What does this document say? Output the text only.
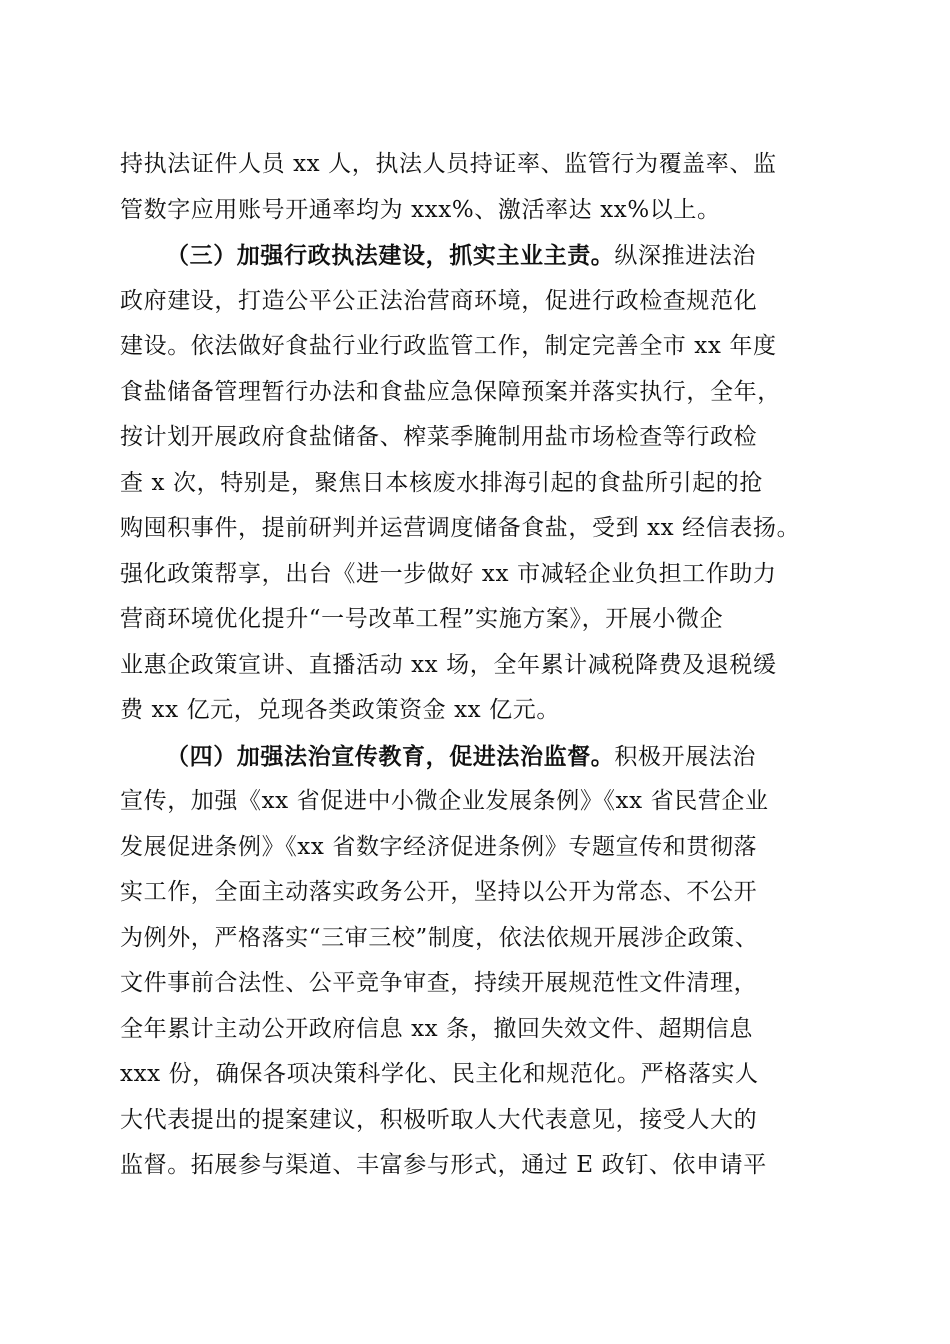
持执法证件人员 xx 人，执法人员持证率、监管行为覆盖率、监
管数字应用账号开通率均为 xxx%、激活率达 xx%以上。
（三）加强行政执法建设，抓实主业主责。纵深推进法治
政府建设，打造公平公正法治营商环境，促进行政检查规范化
建设。依法做好食盐行业行政监管工作，制定完善全市 xx 年度
食盐储备管理暂行办法和食盐应急保障预案并落实执行，全年，
按计划开展政府食盐储备、榨菜季腌制用盐市场检查等行政检
查 x 次，特别是，聚焦日本核废水排海引起的食盐所引起的抢
购囤积事件，提前研判并运营调度储备食盐，受到 xx 经信表扬。
强化政策帮享，出台《进一步做好 xx 市减轻企业负担工作助力
营商环境优化提升“一号改革工程”实施方案》，开展小微企
业惠企政策宣讲、直播活动 xx 场，全年累计减税降费及退税缓
费 xx 亿元，兑现各类政策资金 xx 亿元。
（四）加强法治宣传教育，促进法治监督。积极开展法治
宣传，加强《xx 省促进中小微企业发展条例》《xx 省民营企业
发展促进条例》《xx 省数字经济促进条例》专题宣传和贯彻落
实工作，全面主动落实政务公开，坚持以公开为常态、不公开
为例外，严格落实“三审三校”制度，依法依规开展涉企政策、
文件事前合法性、公平竞争审查，持续开展规范性文件清理，
全年累计主动公开政府信息 xx 条，撤回失效文件、超期信息
xxx 份，确保各项决策科学化、民主化和规范化。严格落实人
大代表提出的提案建议，积极听取人大代表意见，接受人大的
监督。拓展参与渠道、丰富参与形式，通过 E 政钉、依申请平
